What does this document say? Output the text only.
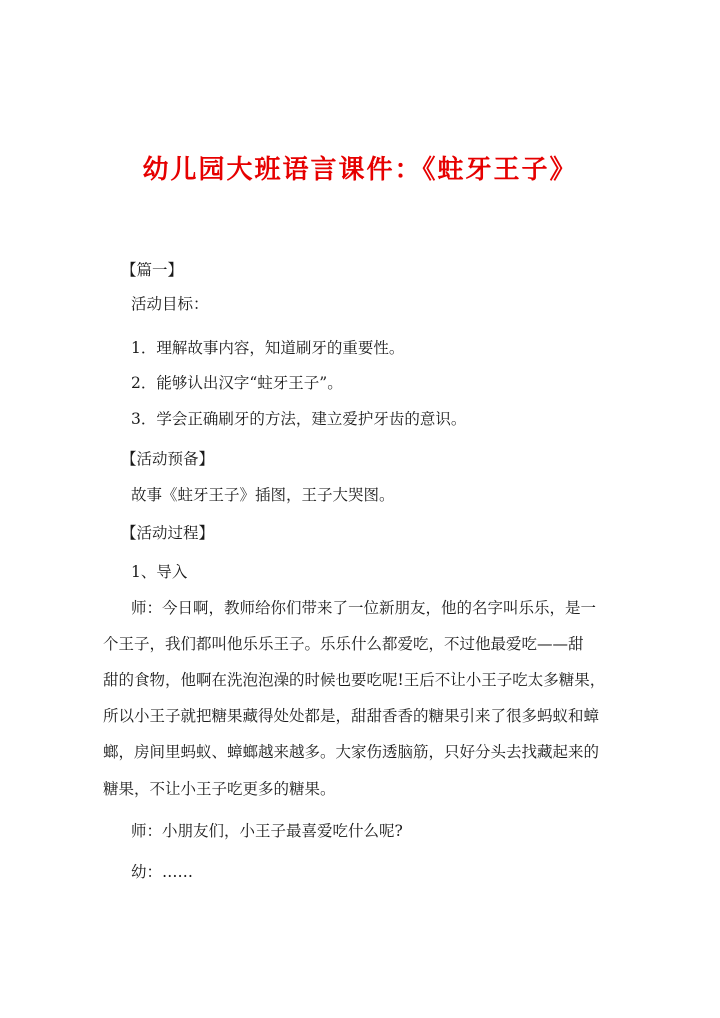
幼儿园大班语言课件：《蛀牙王子》
【篇一】
活动目标：
1．理解故事内容，知道刷牙的重要性。
2．能够认出汉字“蛀牙王子”。
3．学会正确刷牙的方法，建立爱护牙齿的意识。
【活动预备】
故事《蛀牙王子》插图，王子大哭图。
【活动过程】
1、导入
师：今日啊，教师给你们带来了一位新朋友，他的名字叫乐乐，是一
个王子，我们都叫他乐乐王子。乐乐什么都爱吃，不过他最爱吃——甜
甜的食物，他啊在洗泡泡澡的时候也要吃呢!王后不让小王子吃太多糖果，
所以小王子就把糖果藏得处处都是，甜甜香香的糖果引来了很多蚂蚁和蟑
螂，房间里蚂蚁、蟑螂越来越多。大家伤透脑筋，只好分头去找藏起来的
糖果，不让小王子吃更多的糖果。
师：小朋友们，小王子最喜爱吃什么呢?
幼：……
